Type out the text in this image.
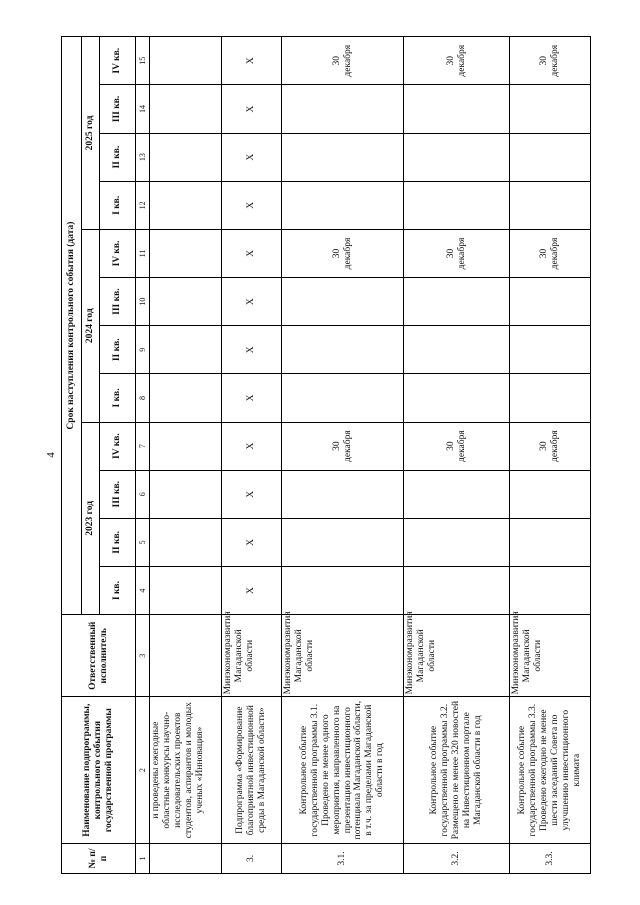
4
№ п/п	Наименование подпрограммы, контрольного события государственной программы	Ответственный исполнитель	Срок наступления контрольного события (дата)											
			2023 год				2024 год				2025 год			
			I кв.	II кв.	III кв.	IV кв.	I кв.	II кв.	III кв.	IV кв.	I кв.	II кв.	III кв.	IV кв.
1	2	3	4	5	6	7	8	9	10	11	12	13	14	15
	и проведены ежегодные областные конкурсы научно-исследовательских проектов студентов, аспирантов и молодых ученых «Инновация»													
3.	Подпрограмма «Формирование благоприятной инвестиционной среды в Магаданской области»	Минэкономразвития Магаданской области	X	X	X	X	X	X	X	X	X	X	X	X
3.1.	Контрольное событие государственной программы 3.1. Проведено не менее одного мероприятия, направленного на презентацию инвестиционного потенциала Магаданской области, в т.ч. за пределами Магаданской области в год	Минэкономразвития Магаданской области				30 декабря				30 декабря				30 декабря
3.2.	Контрольное событие государственной программы 3.2. Размещено не менее 320 новостей на Инвестиционном портале Магаданской области в год	Минэкономразвития Магаданской области				30 декабря				30 декабря				30 декабря
3.3.	Контрольное событие государственной программы 3.3. Проведено ежегодно не менее шести заседаний Совета по улучшению инвестиционного климата	Минэкономразвития Магаданской области				30 декабря				30 декабря				30 декабря
